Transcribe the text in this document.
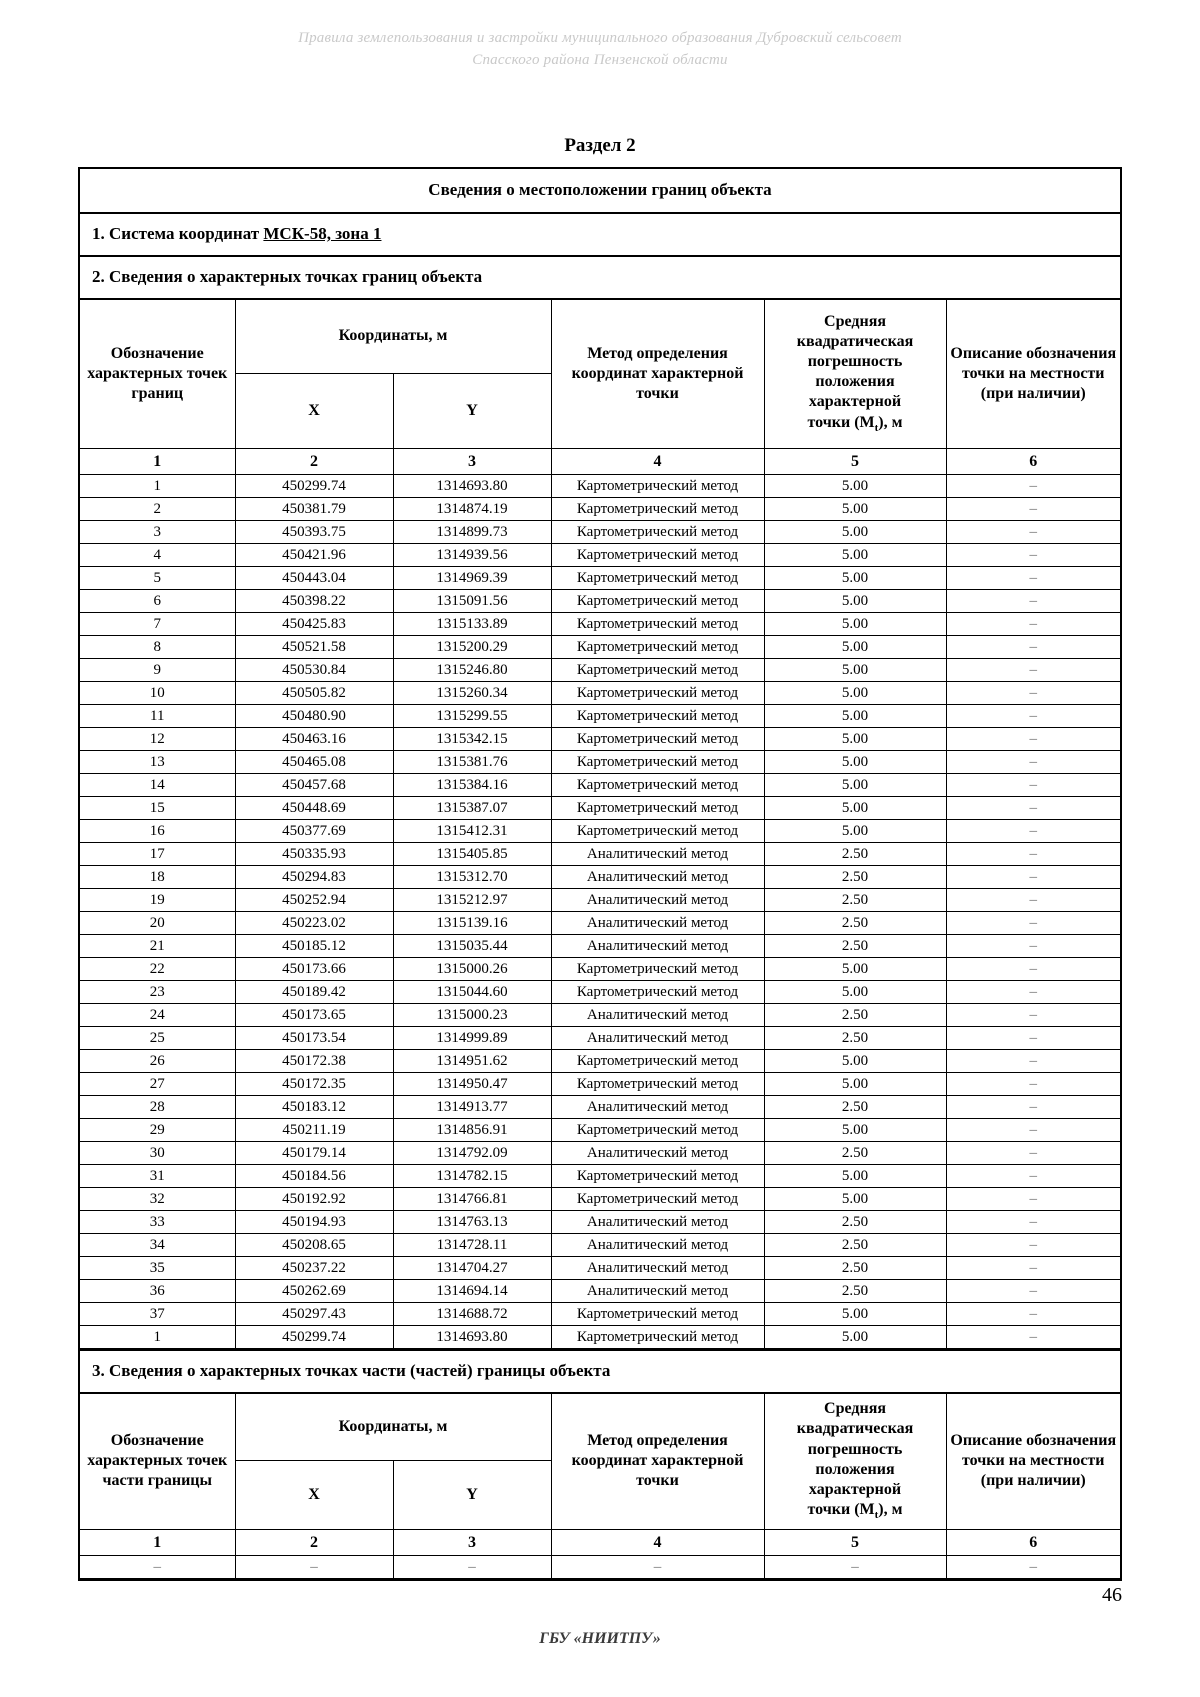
Правила землепользования и застройки муниципального образования Дубровский сельсовет
Спасского района Пензенской области
Раздел 2
Сведения о местоположении границ объекта
1. Система координат МСК-58, зона 1
2. Сведения о характерных точках границ объекта
Обозначение характерных точек границ	Координаты, м	Метод определения координат характерной точки	Средняя
квадратическая
погрешность
положения
характерной
точки $(M_t)$, м	Описание обозначения точки на местности (при наличии)
	X	Y			
1	2	3	4	5	6
1	450299.74	1314693.80	Картометрический метод	5.00	–
2	450381.79	1314874.19	Картометрический метод	5.00	–
3	450393.75	1314899.73	Картометрический метод	5.00	–
4	450421.96	1314939.56	Картометрический метод	5.00	–
5	450443.04	1314969.39	Картометрический метод	5.00	–
6	450398.22	1315091.56	Картометрический метод	5.00	–
7	450425.83	1315133.89	Картометрический метод	5.00	–
8	450521.58	1315200.29	Картометрический метод	5.00	–
9	450530.84	1315246.80	Картометрический метод	5.00	–
10	450505.82	1315260.34	Картометрический метод	5.00	–
11	450480.90	1315299.55	Картометрический метод	5.00	–
12	450463.16	1315342.15	Картометрический метод	5.00	–
13	450465.08	1315381.76	Картометрический метод	5.00	–
14	450457.68	1315384.16	Картометрический метод	5.00	–
15	450448.69	1315387.07	Картометрический метод	5.00	–
16	450377.69	1315412.31	Картометрический метод	5.00	–
17	450335.93	1315405.85	Аналитический метод	2.50	–
18	450294.83	1315312.70	Аналитический метод	2.50	–
19	450252.94	1315212.97	Аналитический метод	2.50	–
20	450223.02	1315139.16	Аналитический метод	2.50	–
21	450185.12	1315035.44	Аналитический метод	2.50	–
22	450173.66	1315000.26	Картометрический метод	5.00	–
23	450189.42	1315044.60	Картометрический метод	5.00	–
24	450173.65	1315000.23	Аналитический метод	2.50	–
25	450173.54	1314999.89	Аналитический метод	2.50	–
26	450172.38	1314951.62	Картометрический метод	5.00	–
27	450172.35	1314950.47	Картометрический метод	5.00	–
28	450183.12	1314913.77	Аналитический метод	2.50	–
29	450211.19	1314856.91	Картометрический метод	5.00	–
30	450179.14	1314792.09	Аналитический метод	2.50	–
31	450184.56	1314782.15	Картометрический метод	5.00	–
32	450192.92	1314766.81	Картометрический метод	5.00	–
33	450194.93	1314763.13	Аналитический метод	2.50	–
34	450208.65	1314728.11	Аналитический метод	2.50	–
35	450237.22	1314704.27	Аналитический метод	2.50	–
36	450262.69	1314694.14	Аналитический метод	2.50	–
37	450297.43	1314688.72	Картометрический метод	5.00	–
1	450299.74	1314693.80	Картометрический метод	5.00	–
3. Сведения о характерных точках части (частей) границы объекта
Обозначение характерных точек части границы	Координаты, м	Метод определения координат характерной точки	Средняя
квадратическая
погрешность
положения
характерной
точки $(M_t)$, м	Описание обозначения точки на местности (при наличии)
	X	Y			
1	2	3	4	5	6
–	–	–	–	–	–
46
ГБУ «НИИТПУ»
